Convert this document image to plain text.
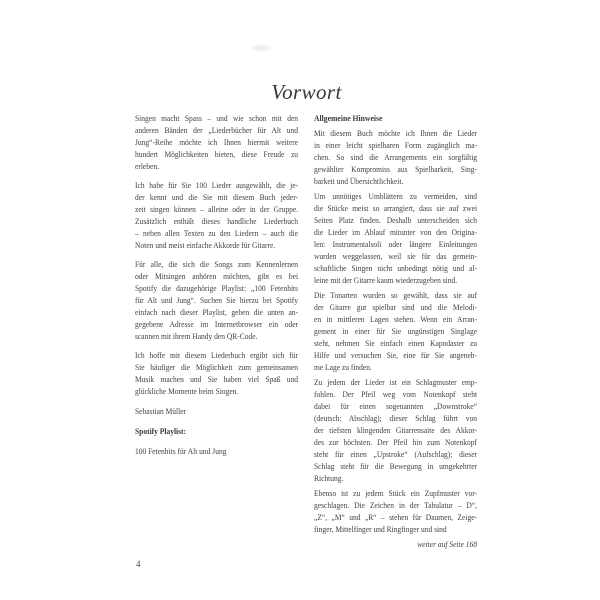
Vorwort
Singen macht Spass – und wie schon mit den
anderen Bänden der „Liederbücher für Alt und
Jung“-Reihe möchte ich Ihnen hiermit weitere
hundert Möglichkeiten bieten, diese Freude zu
erleben.
Ich habe für Sie 100 Lieder ausgewählt, die je-
der kennt und die Sie mit diesem Buch jeder-
zeit singen können – alleine oder in der Gruppe.
Zusätzlich enthält dieses handliche Liederbuch
– neben allen Texten zu den Liedern – auch die
Noten und meist einfache Akkorde für Gitarre.
Für alle, die sich die Songs zum Kennenlernen
oder Mitsingen anhören möchten, gibt es bei
Spotify die dazugehörige Playlist: „100 Fetenhits
für Alt und Jung“. Suchen Sie hierzu bei Spotify
einfach nach dieser Playlist, geben die unten an-
gegebene Adresse im Internetbrowser ein oder
scannen mit ihrem Handy den QR-Code.
Ich hoffe mit diesem Liederbuch ergibt sich für
Sie häufiger die Möglichkeit zum gemeinsamen
Musik machen und Sie haben viel Spaß und
glückliche Momente beim Singen.
Sebastian Müller
Spotify Playlist:
100 Fetenhits für Alt und Jung
Allgemeine Hinweise
Mit diesem Buch möchte ich Ihnen die Lieder
in einer leicht spielbaren Form zugänglich ma-
chen. So sind die Arrangements ein sorgfältig
gewählter Kompromiss aus Spielbarkeit, Sing-
barkeit und Übersichtlichkeit.
Um unnötiges Umblättern zu vermeiden, sind
die Stücke meist so arrangiert, dass sie auf zwei
Seiten Platz finden. Deshalb unterscheiden sich
die Lieder im Ablauf mitunter von den Origina-
len: Instrumentalsoli oder längere Einleitungen
wurden weggelassen, weil sie für das gemein-
schaftliche Singen nicht unbedingt nötig und al-
leine mit der Gitarre kaum wiederzugeben sind.
Die Tonarten wurden so gewählt, dass sie auf
der Gitarre gut spielbar sind und die Melodi-
en in mittleren Lagen stehen. Wenn ein Arran-
gement in einer für Sie ungünstigen Singlage
steht, nehmen Sie einfach einen Kapodaster zu
Hilfe und versuchen Sie, eine für Sie angeneh-
me Lage zu finden.
Zu jedem der Lieder ist ein Schlagmuster emp-
fohlen. Der Pfeil weg vom Notenkopf steht
dabei für einen sogenannten „Downstroke“
(deutsch: Abschlag); dieser Schlag führt von
der tiefsten klingenden Gitarrensaite des Akkor-
des zur höchsten. Der Pfeil hin zum Notenkopf
steht für einen „Upstroke“ (Aufschlag); dieser
Schlag steht für die Bewegung in umgekehrter
Richtung.
Ebenso ist zu jedem Stück ein Zupfmuster vor-
geschlagen. Die Zeichen in der Tabulatur – D“,
„Z“, „M“ und „R“ – stehen für Daumen, Zeige-
finger, Mittelfinger und Ringfinger und sind
weiter auf Seite 168
4
